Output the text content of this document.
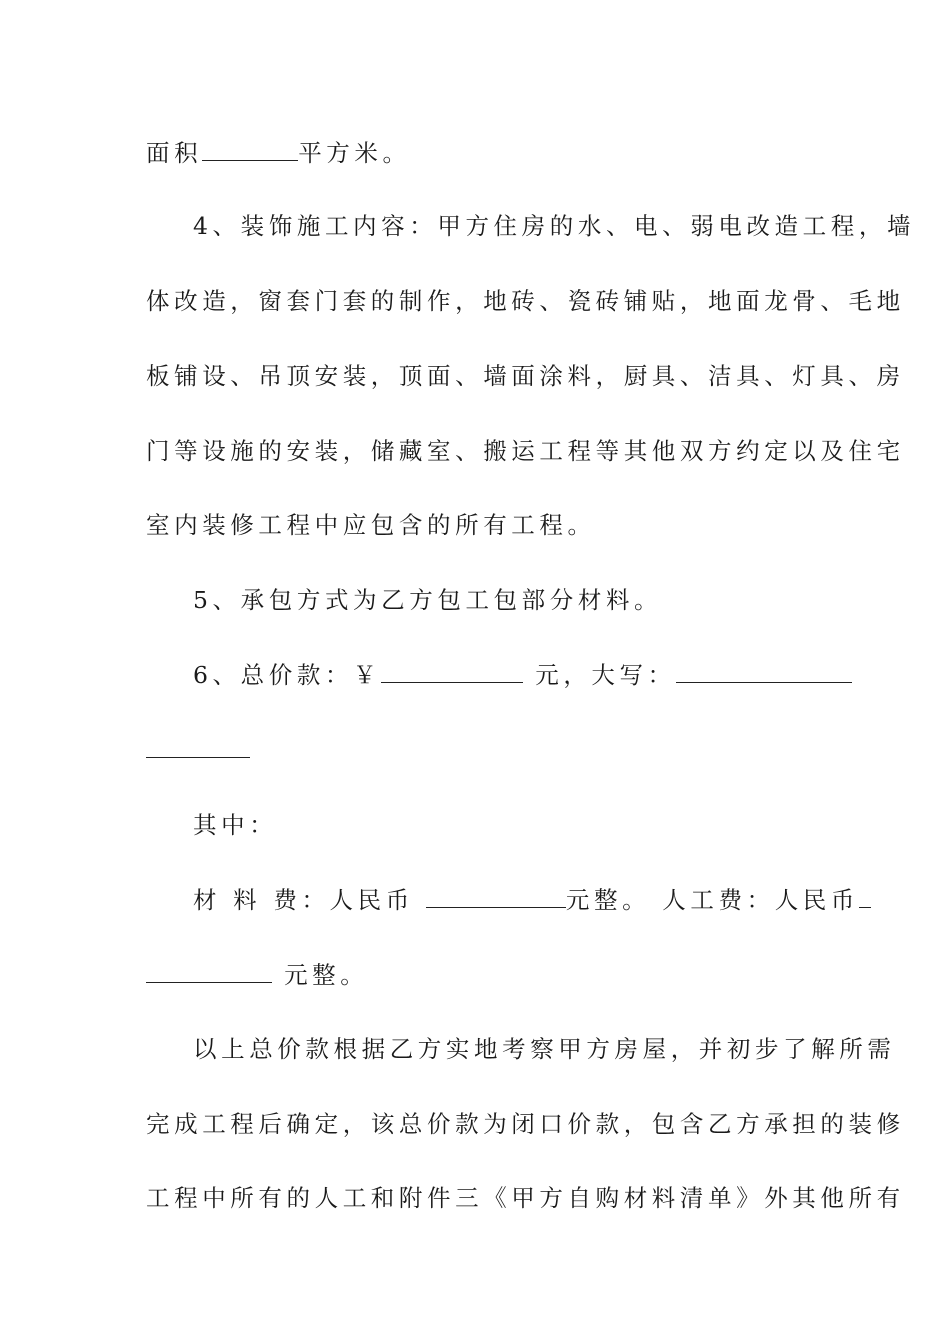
面积	平方米。
4、装饰施工内容：甲方住房的水、电、弱电改造工程，墙
体改造，窗套门套的制作，地砖、瓷砖铺贴，地面龙骨、毛地
板铺设、吊顶安装，顶面、墙面涂料，厨具、洁具、灯具、房
门等设施的安装，储藏室、搬运工程等其他双方约定以及住宅
室内装修工程中应包含的所有工程。
5、承包方式为乙方包工包部分材料。
6、总价款：￥	元，大写：
其中：
材 料 费：人民币	元整。 人工费：人民币
元整。
以上总价款根据乙方实地考察甲方房屋，并初步了解所需
完成工程后确定，该总价款为闭口价款，包含乙方承担的装修
工程中所有的人工和附件三《甲方自购材料清单》外其他所有
